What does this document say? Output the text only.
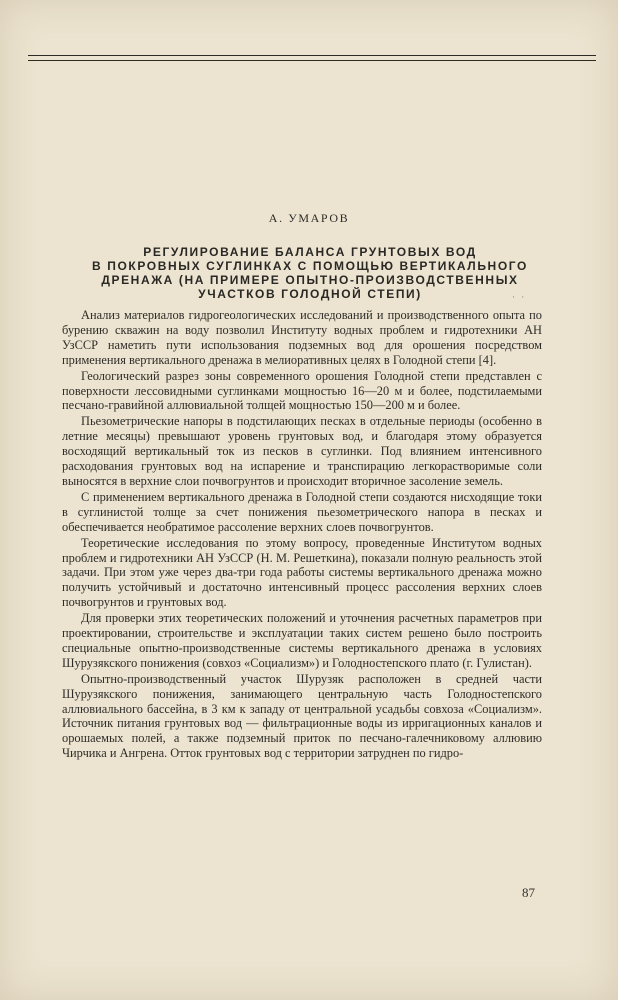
А. УМАРОВ
РЕГУЛИРОВАНИЕ БАЛАНСА ГРУНТОВЫХ ВОД
В ПОКРОВНЫХ СУГЛИНКАХ С ПОМОЩЬЮ ВЕРТИКАЛЬНОГО
ДРЕНАЖА (НА ПРИМЕРЕ ОПЫТНО-ПРОИЗВОДСТВЕННЫХ
УЧАСТКОВ ГОЛОДНОЙ СТЕПИ)	· ·

Анализ материалов гидрогеологических исследований и производственного опыта по бурению скважин на воду позволил Институту водных проблем и гидротехники АН УзССР наметить пути использования подземных вод для орошения посредством применения вертикального дренажа в мелиоративных целях в Голодной степи [4].

Геологический разрез зоны современного орошения Голодной степи представлен с поверхности лессовидными суглинками мощностью 16—20 м и более, подстилаемыми песчано-гравийной аллювиальной толщей мощностью 150—200 м и более.

Пьезометрические напоры в подстилающих песках в отдельные периоды (особенно в летние месяцы) превышают уровень грунтовых вод, и благодаря этому образуется восходящий вертикальный ток из песков в суглинки. Под влиянием интенсивного расходования грунтовых вод на испарение и транспирацию легкорастворимые соли выносятся в верхние слои почвогрунтов и происходит вторичное засоление земель.

С применением вертикального дренажа в Голодной степи создаются нисходящие токи в суглинистой толще за счет понижения пьезометрического напора в песках и обеспечивается необратимое рассоление верхних слоев почвогрунтов.

Теоретические исследования по этому вопросу, проведенные Институтом водных проблем и гидротехники АН УзССР (Н. М. Решеткина), показали полную реальность этой задачи. При этом уже через два-три года работы системы вертикального дренажа можно получить устойчивый и достаточно интенсивный процесс рассоления верхних слоев почвогрунтов и грунтовых вод.

Для проверки этих теоретических положений и уточнения расчетных параметров при проектировании, строительстве и эксплуатации таких систем решено было построить специальные опытно-производственные системы вертикального дренажа в условиях Шурузякского понижения (совхоз «Социализм») и Голодностепского плато (г. Гулистан).

Опытно-производственный участок Шурузяк расположен в средней части Шурузякского понижения, занимающего центральную часть Голодностепского аллювиального бассейна, в 3 км к западу от центральной усадьбы совхоза «Социализм». Источник питания грунтовых вод — фильтрационные воды из ирригационных каналов и орошаемых полей, а также подземный приток по песчано-галечниковому аллювию Чирчика и Ангрена. Отток грунтовых вод с территории затруднен по гидро-

87
